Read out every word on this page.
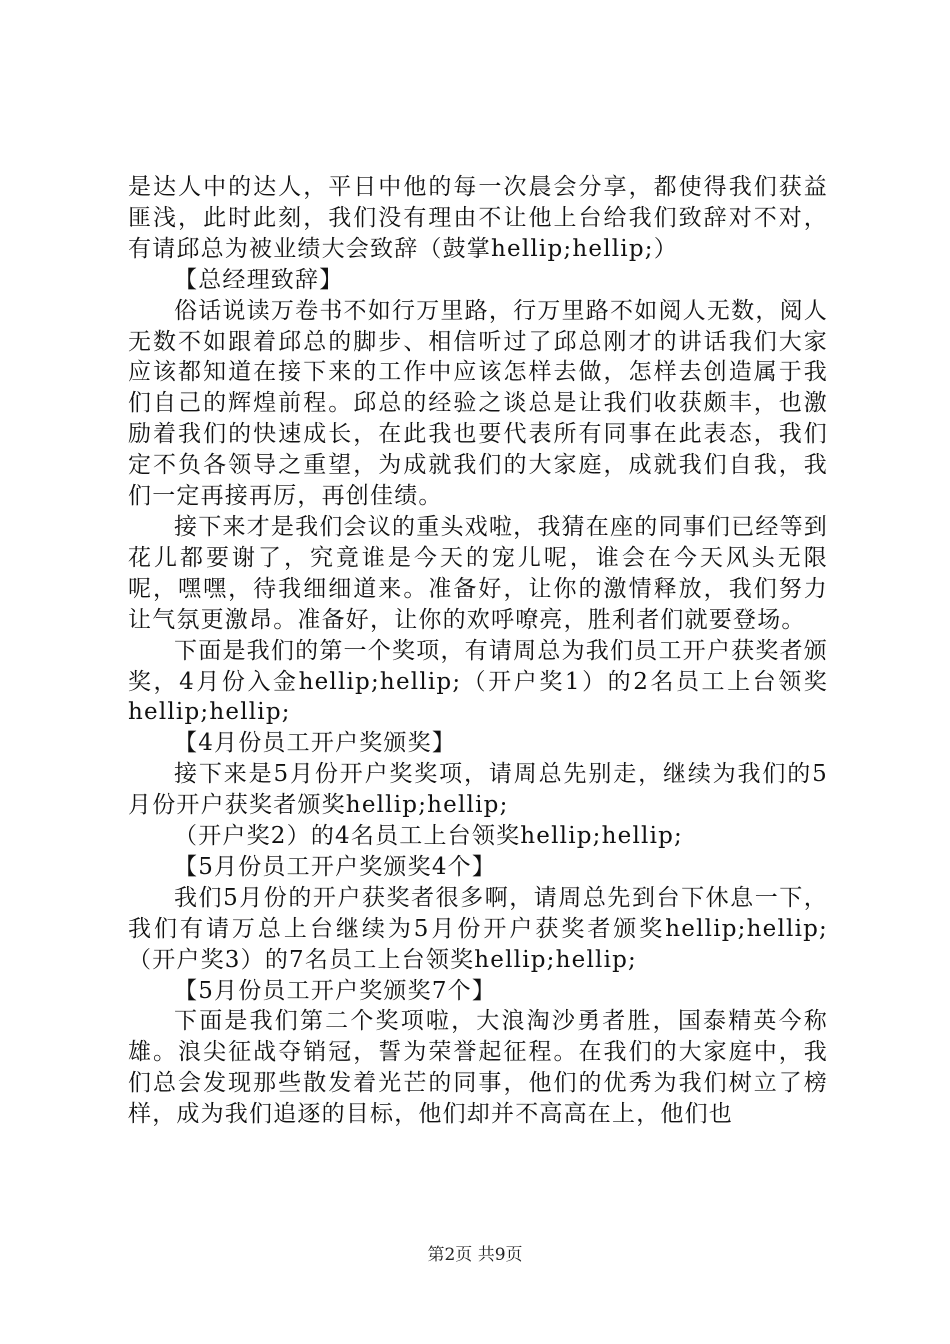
是达人中的达人，平日中他的每一次晨会分享，都使得我们获益匪浅，此时此刻，我们没有理由不让他上台给我们致辞对不对，有请邱总为被业绩大会致辞（鼓掌hellip;hellip;）

【总经理致辞】

俗话说读万卷书不如行万里路，行万里路不如阅人无数，阅人无数不如跟着邱总的脚步、相信听过了邱总刚才的讲话我们大家应该都知道在接下来的工作中应该怎样去做，怎样去创造属于我们自己的辉煌前程。邱总的经验之谈总是让我们收获颇丰，也激励着我们的快速成长，在此我也要代表所有同事在此表态，我们定不负各领导之重望，为成就我们的大家庭，成就我们自我，我们一定再接再厉，再创佳绩。

接下来才是我们会议的重头戏啦，我猜在座的同事们已经等到花儿都要谢了，究竟谁是今天的宠儿呢，谁会在今天风头无限呢，嘿嘿，待我细细道来。准备好，让你的激情释放，我们努力让气氛更激昂。准备好，让你的欢呼嘹亮，胜利者们就要登场。

下面是我们的第一个奖项，有请周总为我们员工开户获奖者颁奖，4月份入金hellip;hellip;（开户奖1）的2名员工上台领奖hellip;hellip;

【4月份员工开户奖颁奖】

接下来是5月份开户奖奖项，请周总先别走，继续为我们的5月份开户获奖者颁奖hellip;hellip;

（开户奖2）的4名员工上台领奖hellip;hellip;

【5月份员工开户奖颁奖4个】

我们5月份的开户获奖者很多啊，请周总先到台下休息一下，我们有请万总上台继续为5月份开户获奖者颁奖hellip;hellip;（开户奖3）的7名员工上台领奖hellip;hellip;

【5月份员工开户奖颁奖7个】

下面是我们第二个奖项啦，大浪淘沙勇者胜，国泰精英今称雄。浪尖征战夺销冠，誓为荣誉起征程。在我们的大家庭中，我们总会发现那些散发着光芒的同事，他们的优秀为我们树立了榜样，成为我们追逐的目标，他们却并不高高在上，他们也

第2页 共9页
